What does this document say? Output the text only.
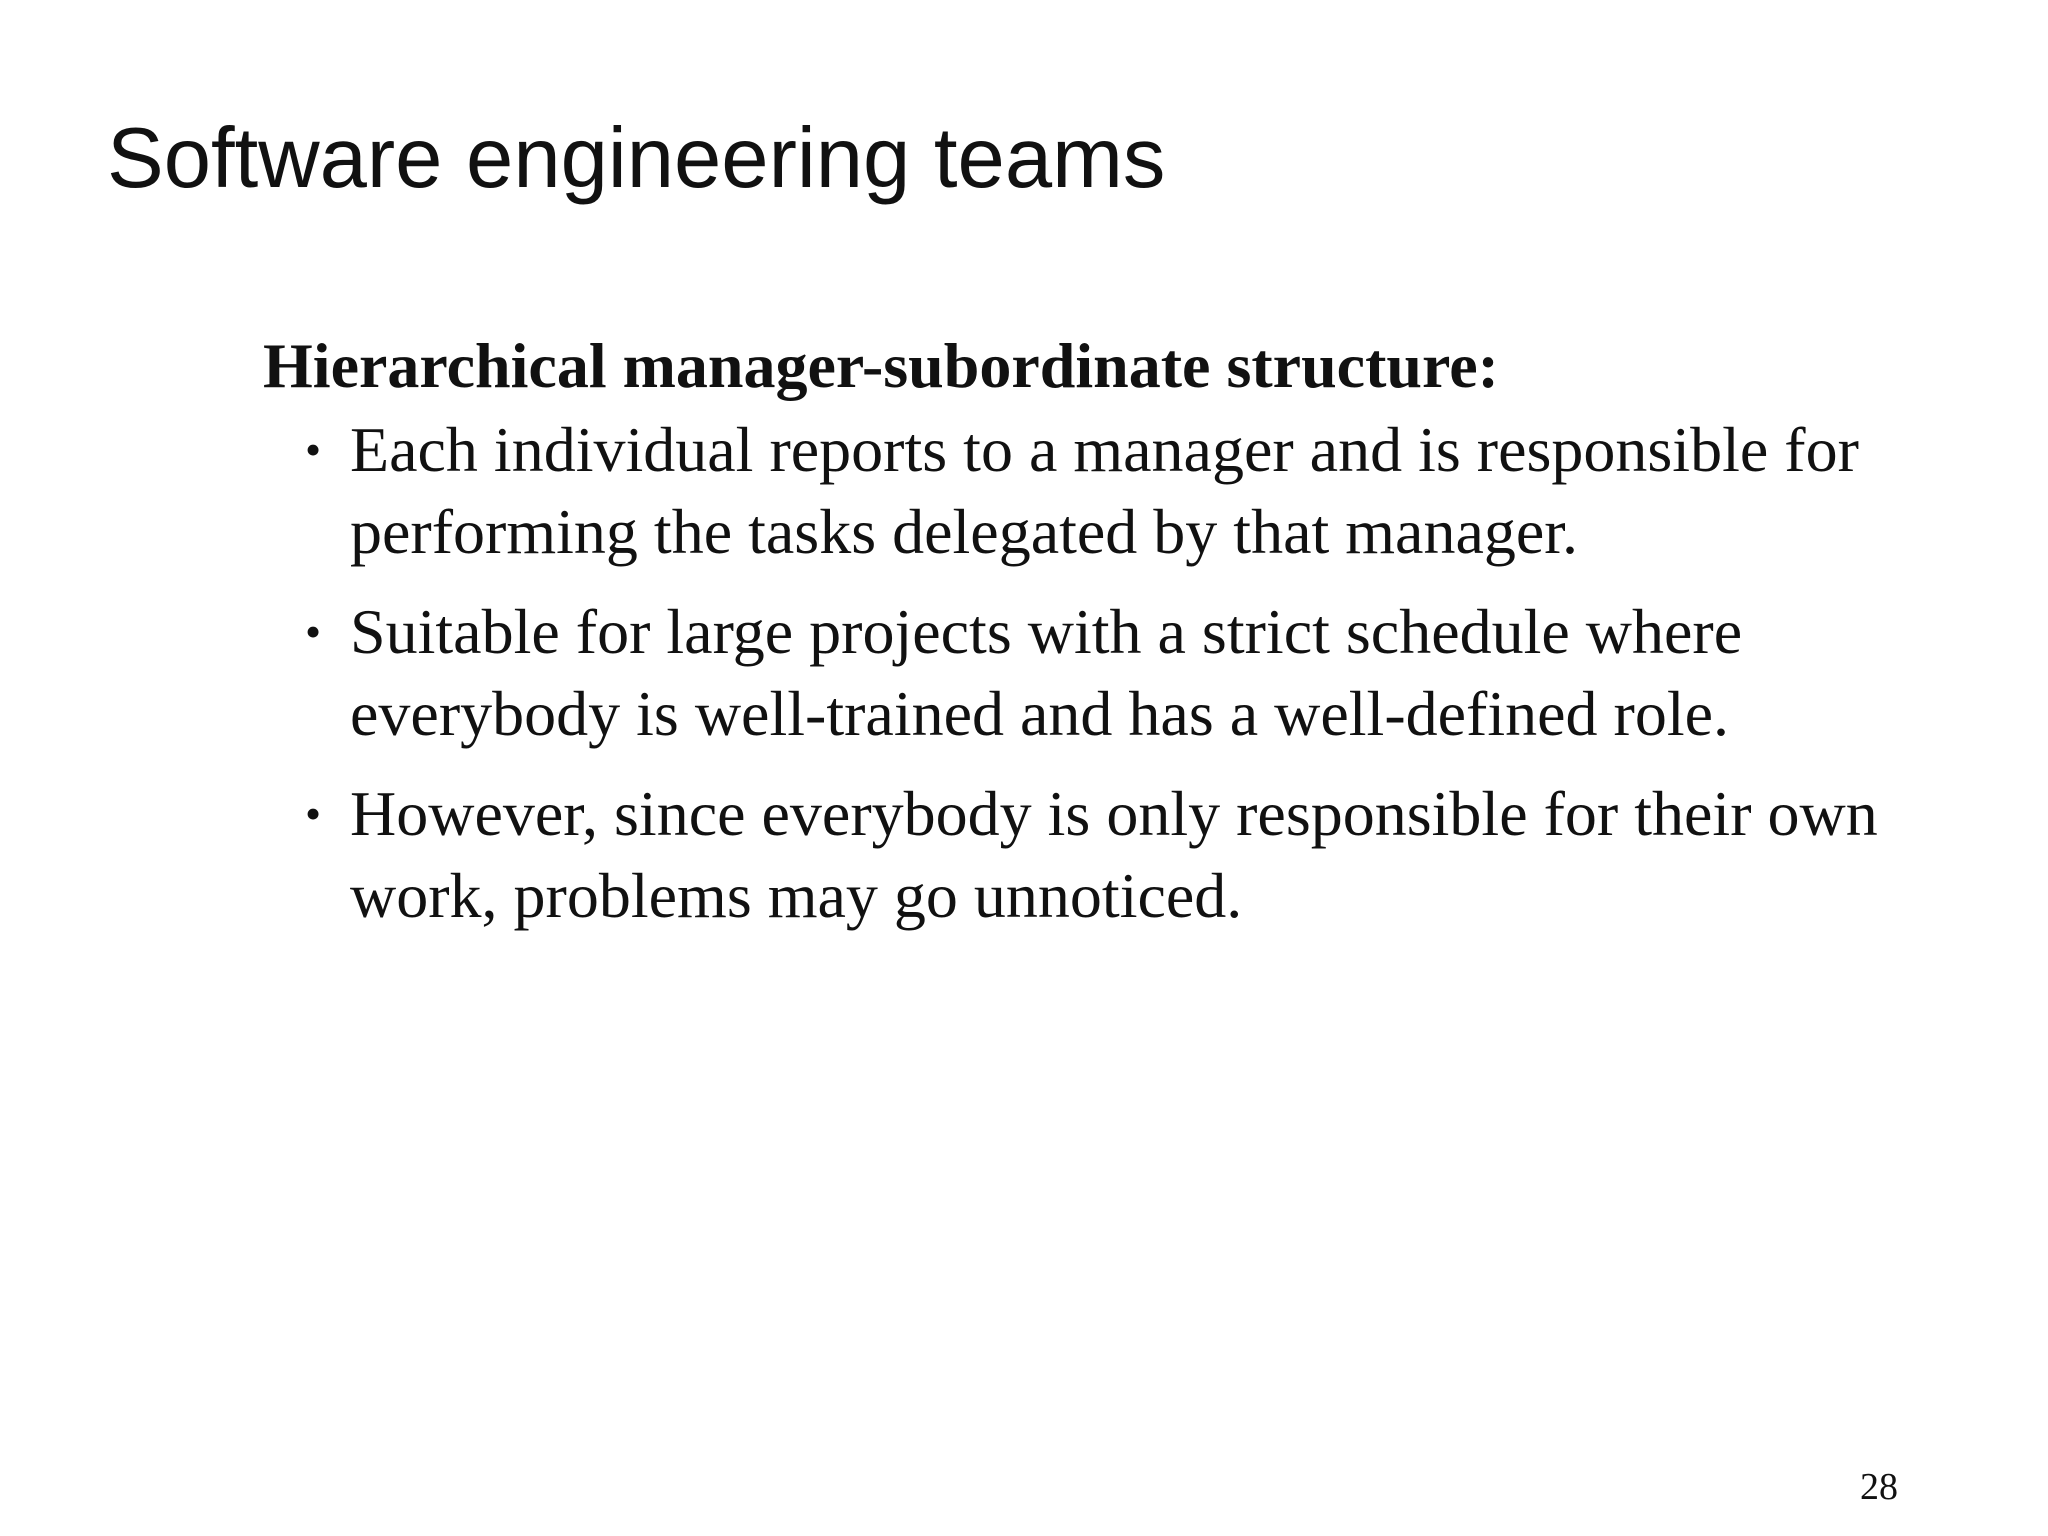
Software engineering teams
Hierarchical manager-subordinate structure:
• Each individual reports to a manager and is responsible for performing the tasks delegated by that manager.
• Suitable for large projects with a strict schedule where everybody is well-trained and has a well-defined role.
• However, since everybody is only responsible for their own work, problems may go unnoticed.
28
